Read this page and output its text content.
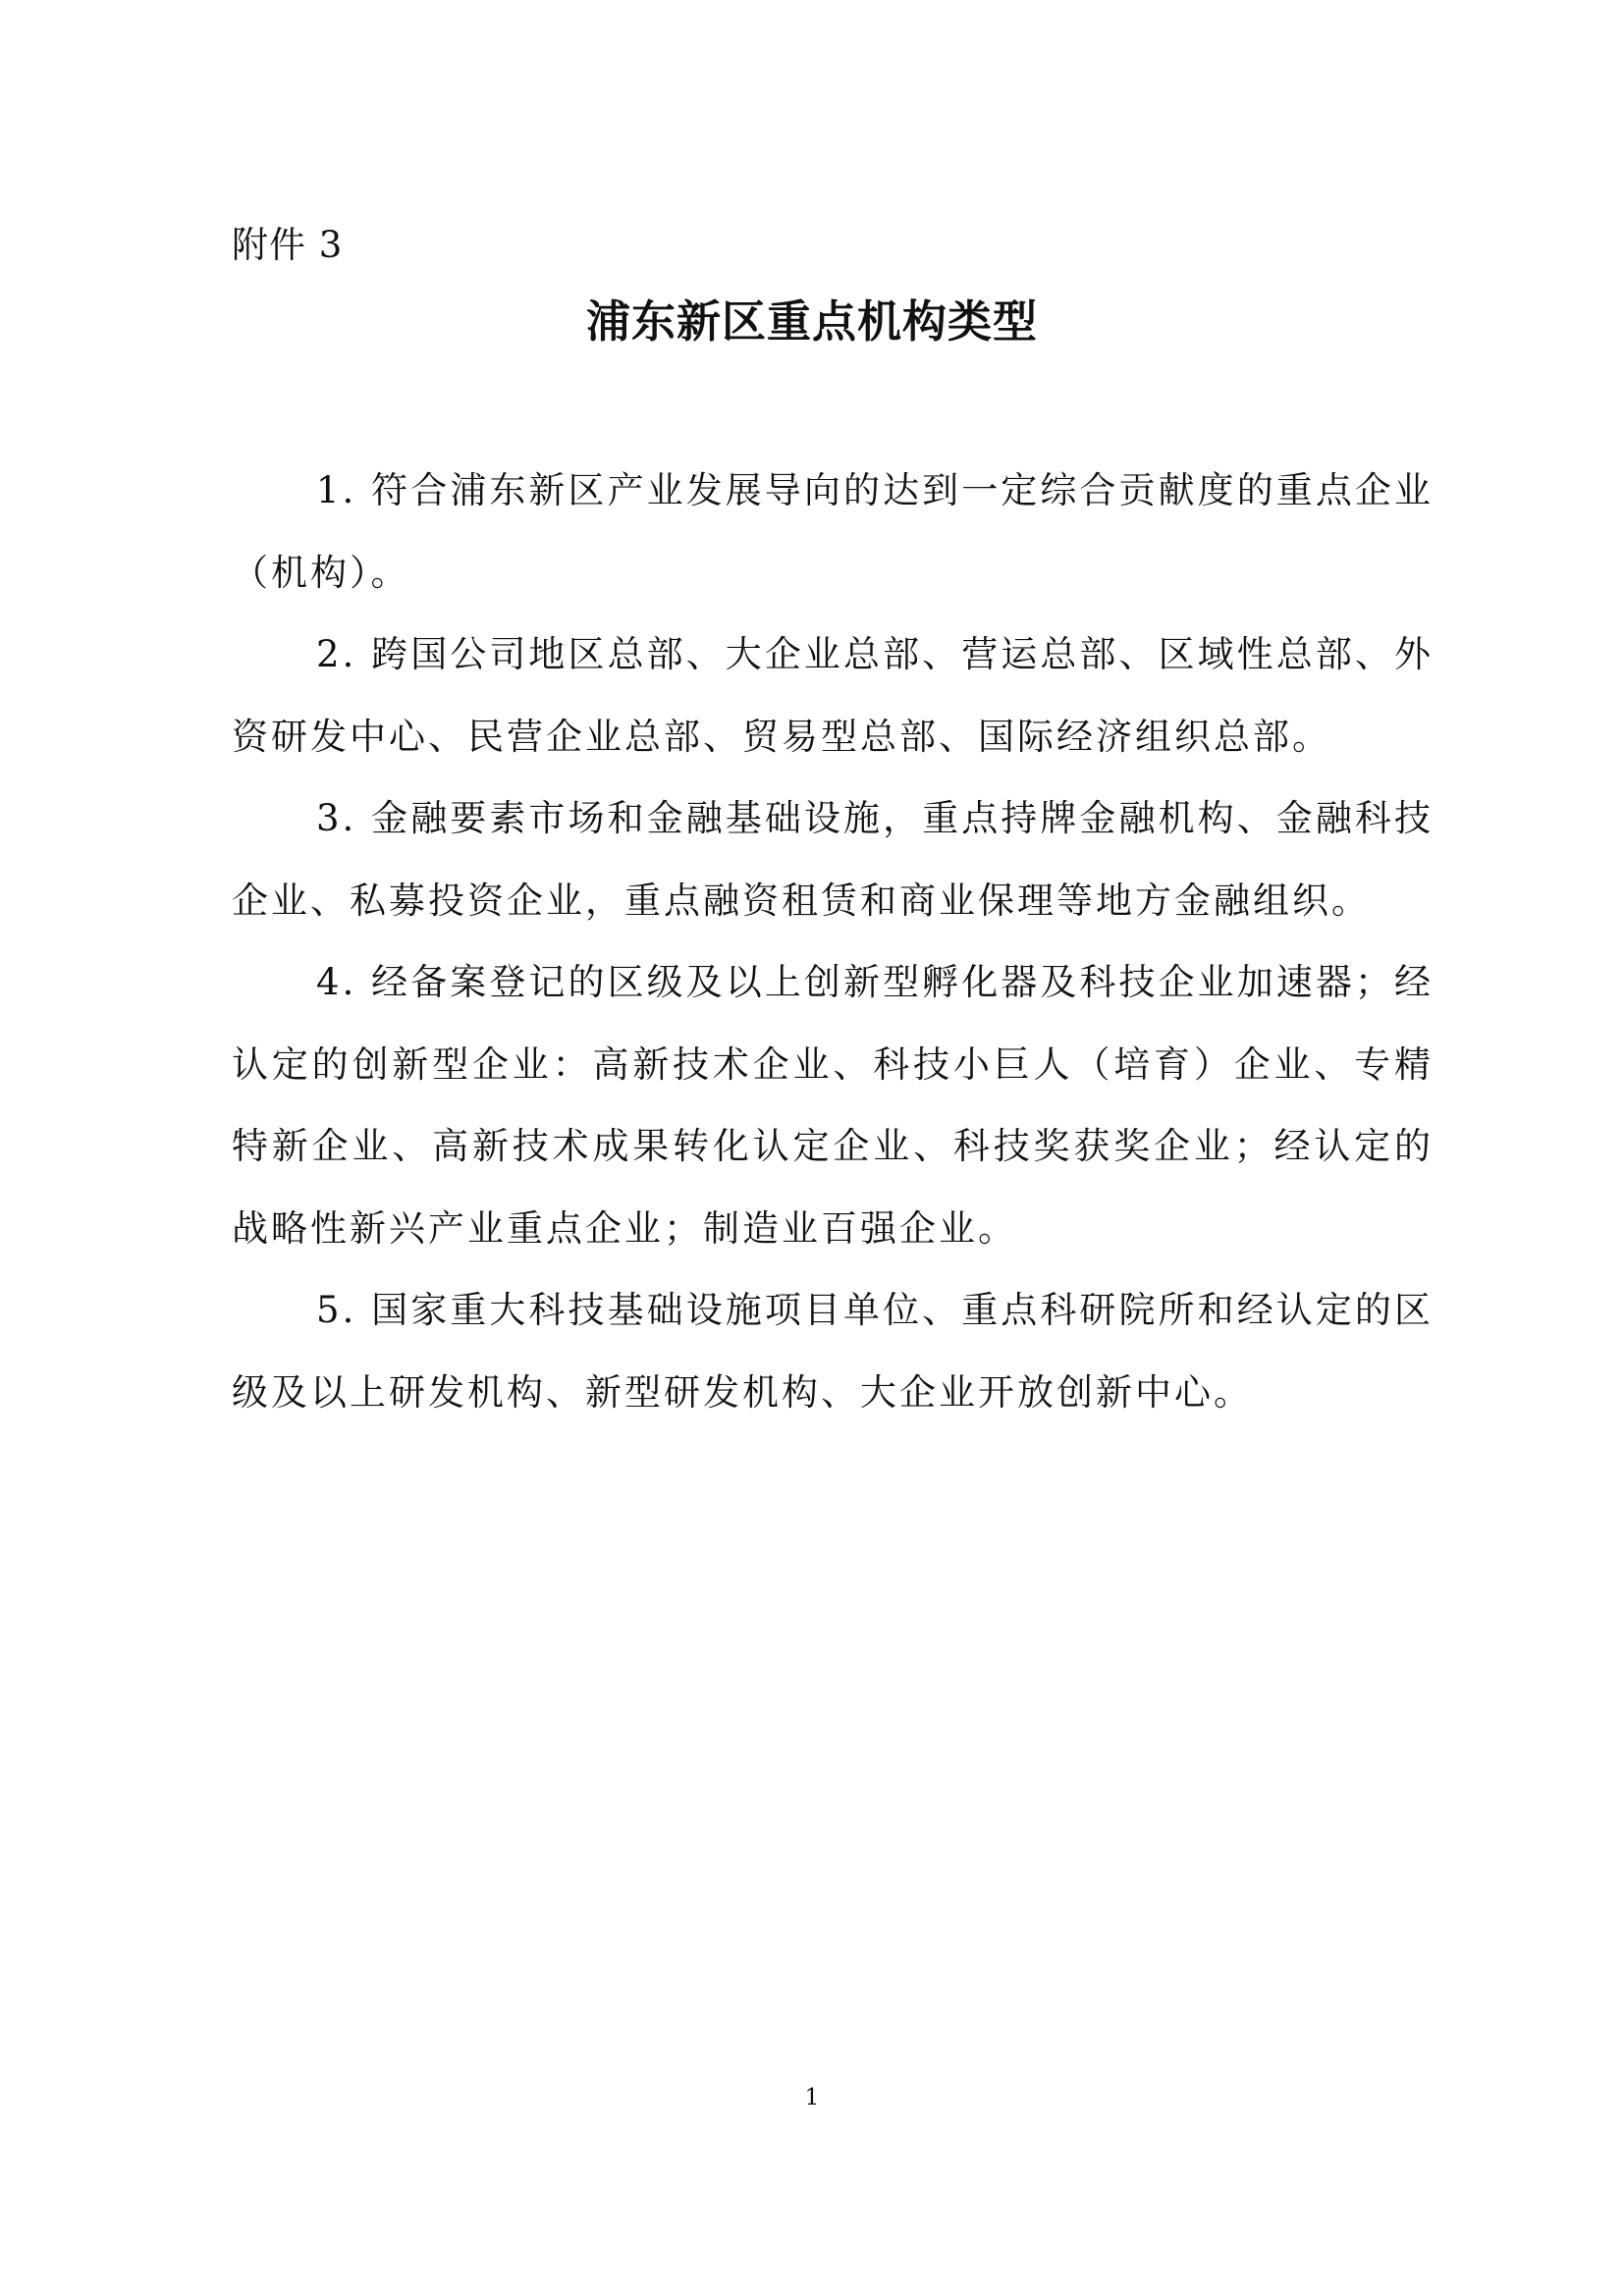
附件 3
浦东新区重点机构类型

1. 符合浦东新区产业发展导向的达到一定综合贡献度的重点企业（机构）。

2. 跨国公司地区总部、大企业总部、营运总部、区域性总部、外资研发中心、民营企业总部、贸易型总部、国际经济组织总部。

3. 金融要素市场和金融基础设施，重点持牌金融机构、金融科技企业、私募投资企业，重点融资租赁和商业保理等地方金融组织。

4. 经备案登记的区级及以上创新型孵化器及科技企业加速器；经认定的创新型企业：高新技术企业、科技小巨人（培育）企业、专精特新企业、高新技术成果转化认定企业、科技奖获奖企业；经认定的战略性新兴产业重点企业；制造业百强企业。

5. 国家重大科技基础设施项目单位、重点科研院所和经认定的区级及以上研发机构、新型研发机构、大企业开放创新中心。

1
